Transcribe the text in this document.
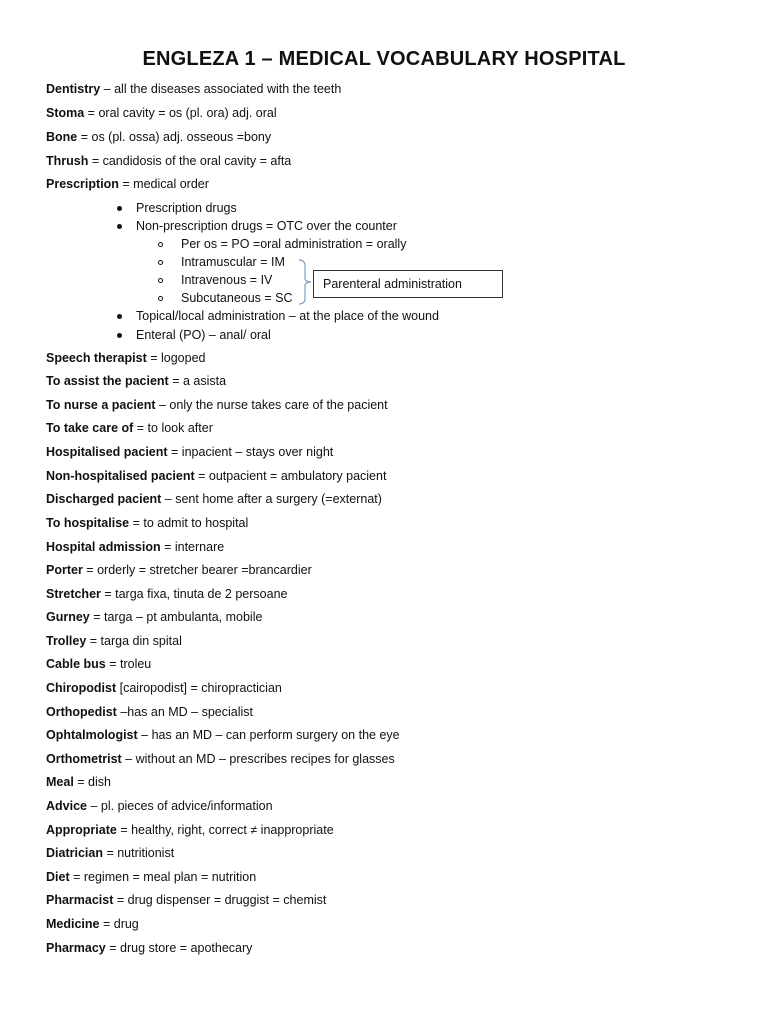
ENGLEZA 1 – MEDICAL VOCABULARY HOSPITAL
Dentistry – all the diseases associated with the teeth
Stoma = oral cavity = os (pl. ora) adj. oral
Bone = os (pl. ossa) adj. osseous =bony
Thrush = candidosis of the oral cavity = afta
Prescription = medical order
Prescription drugs
Non-prescription drugs = OTC over the counter
Per os = PO =oral administration = orally
Intramuscular = IM
Intravenous = IV
Subcutaneous = SC
Parenteral administration
Topical/local administration – at the place of the wound
Enteral (PO) – anal/ oral
Speech therapist = logoped
To assist the pacient = a asista
To nurse a pacient – only the nurse takes care of the pacient
To take care of = to look after
Hospitalised pacient = inpacient – stays over night
Non-hospitalised pacient = outpacient = ambulatory pacient
Discharged pacient – sent home after a surgery (=externat)
To hospitalise = to admit to hospital
Hospital admission = internare
Porter = orderly = stretcher bearer =brancardier
Stretcher = targa fixa, tinuta de 2 persoane
Gurney = targa – pt ambulanta, mobile
Trolley = targa din spital
Cable bus = troleu
Chiropodist [cairopodist] = chiropractician
Orthopedist –has an MD – specialist
Ophtalmologist – has an MD – can perform surgery on the eye
Orthometrist – without an MD – prescribes recipes for glasses
Meal = dish
Advice – pl. pieces of advice/information
Appropriate = healthy, right, correct ≠ inappropriate
Diatrician = nutritionist
Diet = regimen = meal plan = nutrition
Pharmacist = drug dispenser = druggist = chemist
Medicine = drug
Pharmacy = drug store = apothecary
